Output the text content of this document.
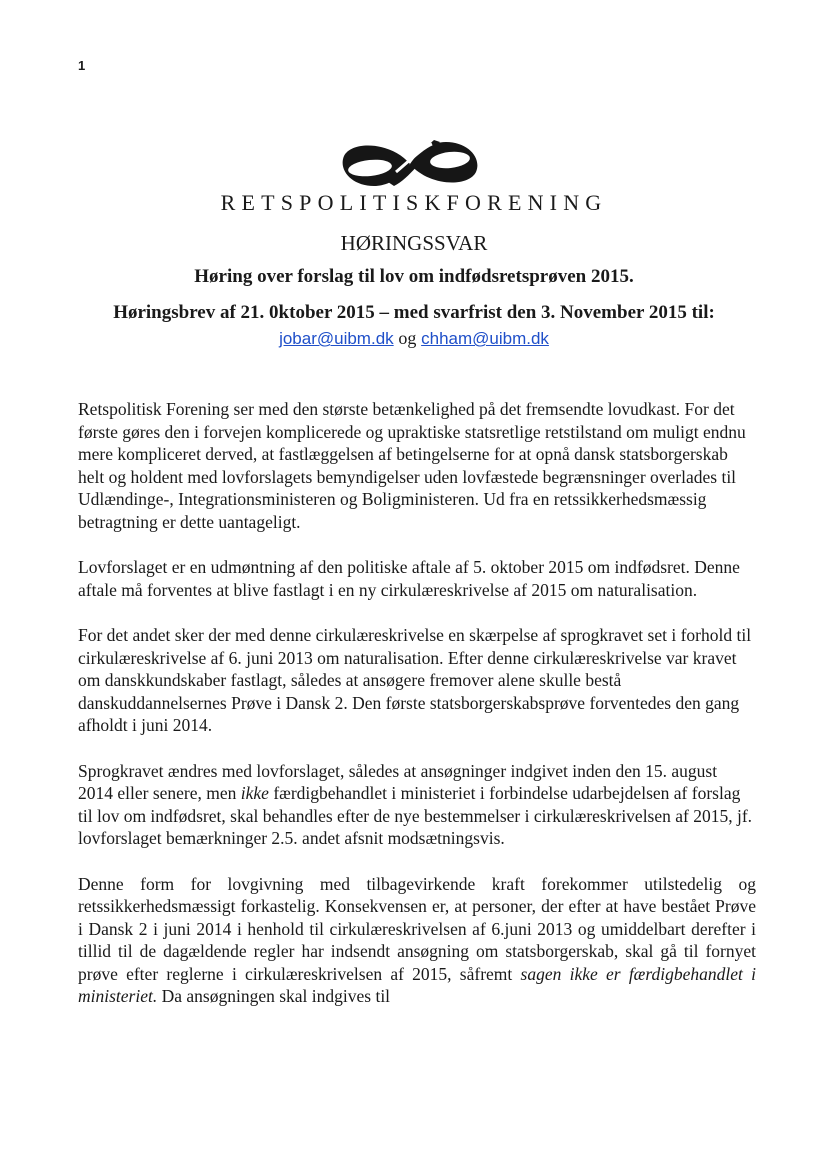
1
RETSPOLITISKFORENING
HØRINGSSVAR
Høring over forslag til lov om indfødsretsprøven 2015.
Høringsbrev af 21. 0ktober 2015 – med svarfrist den 3. November 2015 til:
jobar@uibm.dk og chham@uibm.dk

Retspolitisk Forening ser med den største betænkelighed på det fremsendte lovudkast. For det første gøres den i forvejen komplicerede og upraktiske statsretlige retstilstand om muligt endnu mere kompliceret derved, at fastlæggelsen af betingelserne for at opnå dansk statsborgerskab helt og holdent med lovforslagets bemyndigelser uden lovfæstede begrænsninger overlades til Udlændinge-, Integrationsministeren og Boligministeren. Ud fra en retssikkerhedsmæssig betragtning er dette uantageligt.

Lovforslaget er en udmøntning af den politiske aftale af 5. oktober 2015 om indfødsret. Denne aftale må forventes at blive fastlagt i en ny cirkulæreskrivelse af 2015 om naturalisation.

For det andet sker der med denne cirkulæreskrivelse en skærpelse af sprogkravet set i forhold til cirkulæreskrivelse af 6. juni 2013 om naturalisation. Efter denne cirkulæreskrivelse var kravet om danskkundskaber fastlagt, således at ansøgere fremover alene skulle bestå danskuddannelsernes Prøve i Dansk 2. Den første statsborgerskabsprøve forventedes den gang afholdt i juni 2014.

Sprogkravet ændres med lovforslaget, således at ansøgninger indgivet inden den 15. august 2014 eller senere, men ikke færdigbehandlet i ministeriet i forbindelse udarbejdelsen af forslag til lov om indfødsret, skal behandles efter de nye bestemmelser i cirkulæreskrivelsen af 2015, jf. lovforslaget bemærkninger 2.5. andet afsnit modsætningsvis.

Denne form for lovgivning med tilbagevirkende kraft forekommer utilstedelig og retssikkerhedsmæssigt forkastelig. Konsekvensen er, at personer, der efter at have bestået Prøve i Dansk 2 i juni 2014 i henhold til cirkulæreskrivelsen af 6.juni 2013 og umiddelbart derefter i tillid til de dagældende regler har indsendt ansøgning om statsborgerskab, skal gå til fornyet prøve efter reglerne i cirkulæreskrivelsen af 2015, såfremt sagen ikke er færdigbehandlet i ministeriet. Da ansøgningen skal indgives til
